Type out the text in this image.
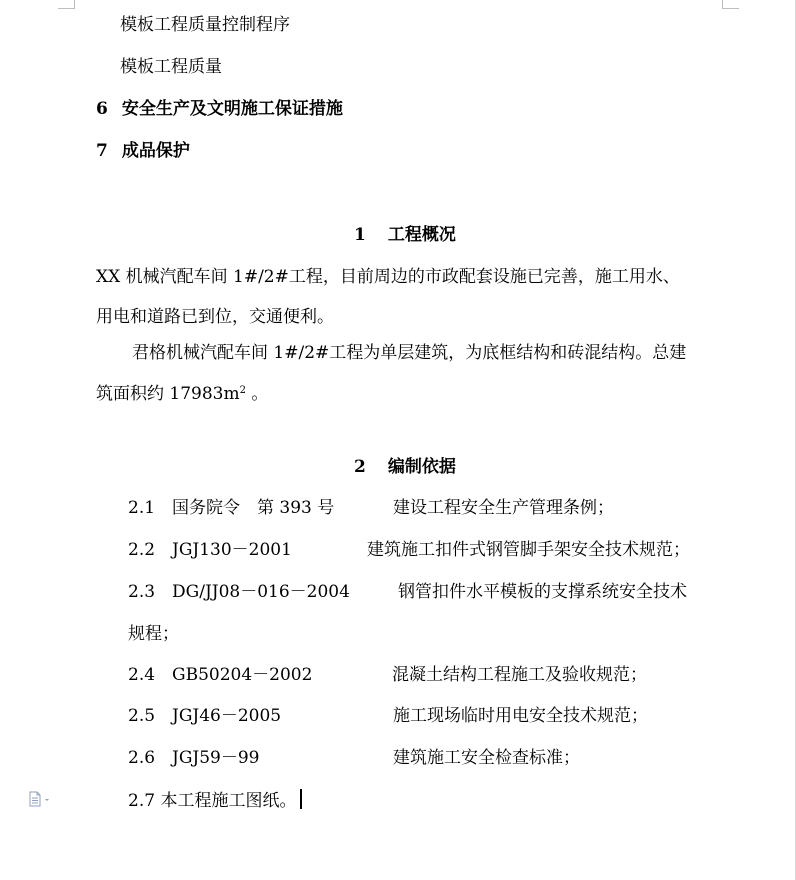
模板工程质量控制程序
模板工程质量
6 安全生产及文明施工保证措施
7 成品保护
1 工程概况
XX 机械汽配车间 1#/2#工程，目前周边的市政配套设施已完善，施工用水、
用电和道路已到位，交通便利。
君格机械汽配车间 1#/2#工程为单层建筑，为底框结构和砖混结构。总建
筑面积约 $17983m^2$ 。
2 编制依据
2.1 国务院令　第 393 号	建设工程安全生产管理条例；
2.2 JGJ130－2001	建筑施工扣件式钢管脚手架安全技术规范；
2.3 DG/JJ08－016－2004	钢管扣件水平模板的支撑系统安全技术
规程；
2.4 GB50204－2002	混凝土结构工程施工及验收规范；
2.5 JGJ46－2005	施工现场临时用电安全技术规范；
2.6 JGJ59－99	建筑施工安全检查标准；
2.7 本工程施工图纸。
